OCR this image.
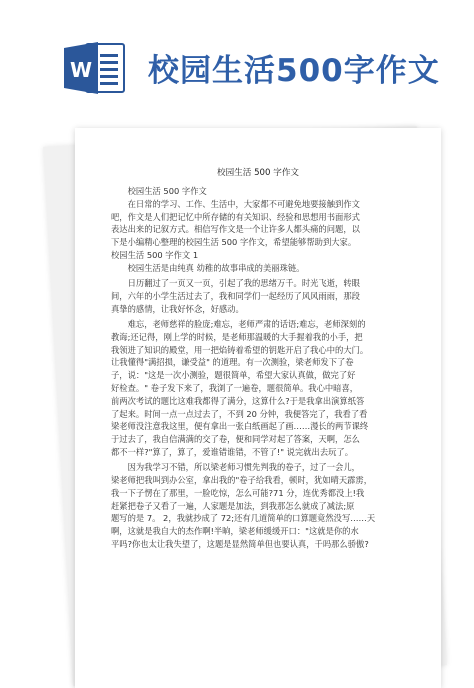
W 校园生活500字作文
校园生活 500 字作文

校园生活 500 字作文

在日常的学习、工作、生活中，大家都不可避免地要接触到作文

吧，作文是人们把记忆中所存储的有关知识、经验和思想用书面形式

表达出来的记叙方式。相信写作文是一个让许多人都头痛的问题，以

下是小编精心整理的校园生活 500 字作文，希望能够帮助到大家。

校园生活 500 字作文 1

校园生活是由纯真 幼稚的故事串成的美丽珠链。

日历翻过了一页又一页，引起了我的思绪万千。时光飞逝，转眼

间，六年的小学生活过去了，我和同学们一起经历了风风雨雨，那段

真挚的感情，让我好怀念，好感动。

难忘，老师慈祥的脸庞;难忘，老师严肃的话语;难忘，老师深刻的

教诲;还记得，刚上学的时候，是老师那温暖的大手握着我的小手，把

我领进了知识的殿堂，用一把焰铸着希望的钥匙开启了我心中的大门。

让我懂得"满招损，谦受益" 的道理。有一次测验，梁老师发下了卷

子，说："这是一次小测验，题很简单，希望大家认真做，做完了好

好检查。" 卷子发下来了，我浏了一遍卷，题很简单。我心中暗喜，

前两次考试的题比这难我都得了满分，这算什么?于是我拿出演算纸答

了起来。时间一点一点过去了，不到 20 分钟，我便答完了，我看了看

梁老师没注意我这里，便有拿出一张白纸画起了画……漫长的两节课终

于过去了，我自信满满的交了卷，便和同学对起了答案，天啊，怎么

都不一样?"算了，算了，爱谁错谁错，不管了!" 说完就出去玩了。

因为我学习不错，所以梁老师习惯先判我的卷子，过了一会儿，

梁老师把我叫到办公室，拿出我的"卷子给我看，顿时，犹如晴天霹雳，

我一下子愣在了那里，一脸吃惊，怎么可能?71 分，连优秀都没上!我

赶紧把卷子又看了一遍，人家题是加法，到我那怎么就成了减法;原

题写的是 7。 2，我就抄成了 72;还有几道简单的口算题竟然没写……天

啊，这就是我自大的杰作啊!半晌，梁老师缓缓开口："这就是你的水

平吗?你也太让我失望了，这题是显然简单但也要认真，千吗那么骄傲?
